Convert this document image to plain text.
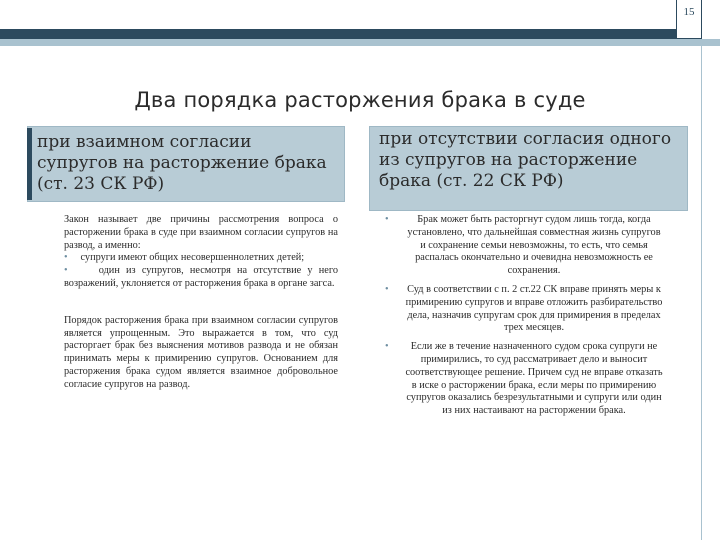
15
Два порядка расторжения брака в суде
при взаимном согласии супругов на расторжение брака (ст. 23 СК РФ)
при отсутствии согласия одного из супругов на расторжение брака (ст. 22 СК РФ)

Закон называет две причины рассмотрения вопроса о расторжении брака в суде при взаимном согласии супругов на развод, а именно:

• супруги имеют общих несовершеннолетних детей;
•	один из супругов, несмотря на отсутствие у него возражений, уклоняется от расторжения брака в органе загса.

Порядок расторжения брака при взаимном согласии супругов является упрощенным. Это выражается в том, что суд расторгает брак без выяснения мотивов развода и не обязан принимать меры к примирению супругов. Основанием для расторжения брака судом является взаимное добровольное согласие супругов на развод.

•	Брак может быть расторгнут судом лишь тогда, когда установлено, что дальнейшая совместная жизнь супругов и сохранение семьи невозможны, то есть, что семья распалась окончательно и очевидна невозможность ее сохранения.
• Суд в соответствии с п. 2 ст.22 СК вправе принять меры к примирению супругов и вправе отложить разбирательство дела, назначив супругам срок для примирения в пределах трех месяцев.
•	Если же в течение назначенного судом срока супруги не примирились, то суд рассматривает дело и выносит соответствующее решение. Причем суд не вправе отказать в иске о расторжении брака, если меры по примирению супругов оказались безрезультатными и супруги или один из них настаивают на расторжении брака.
